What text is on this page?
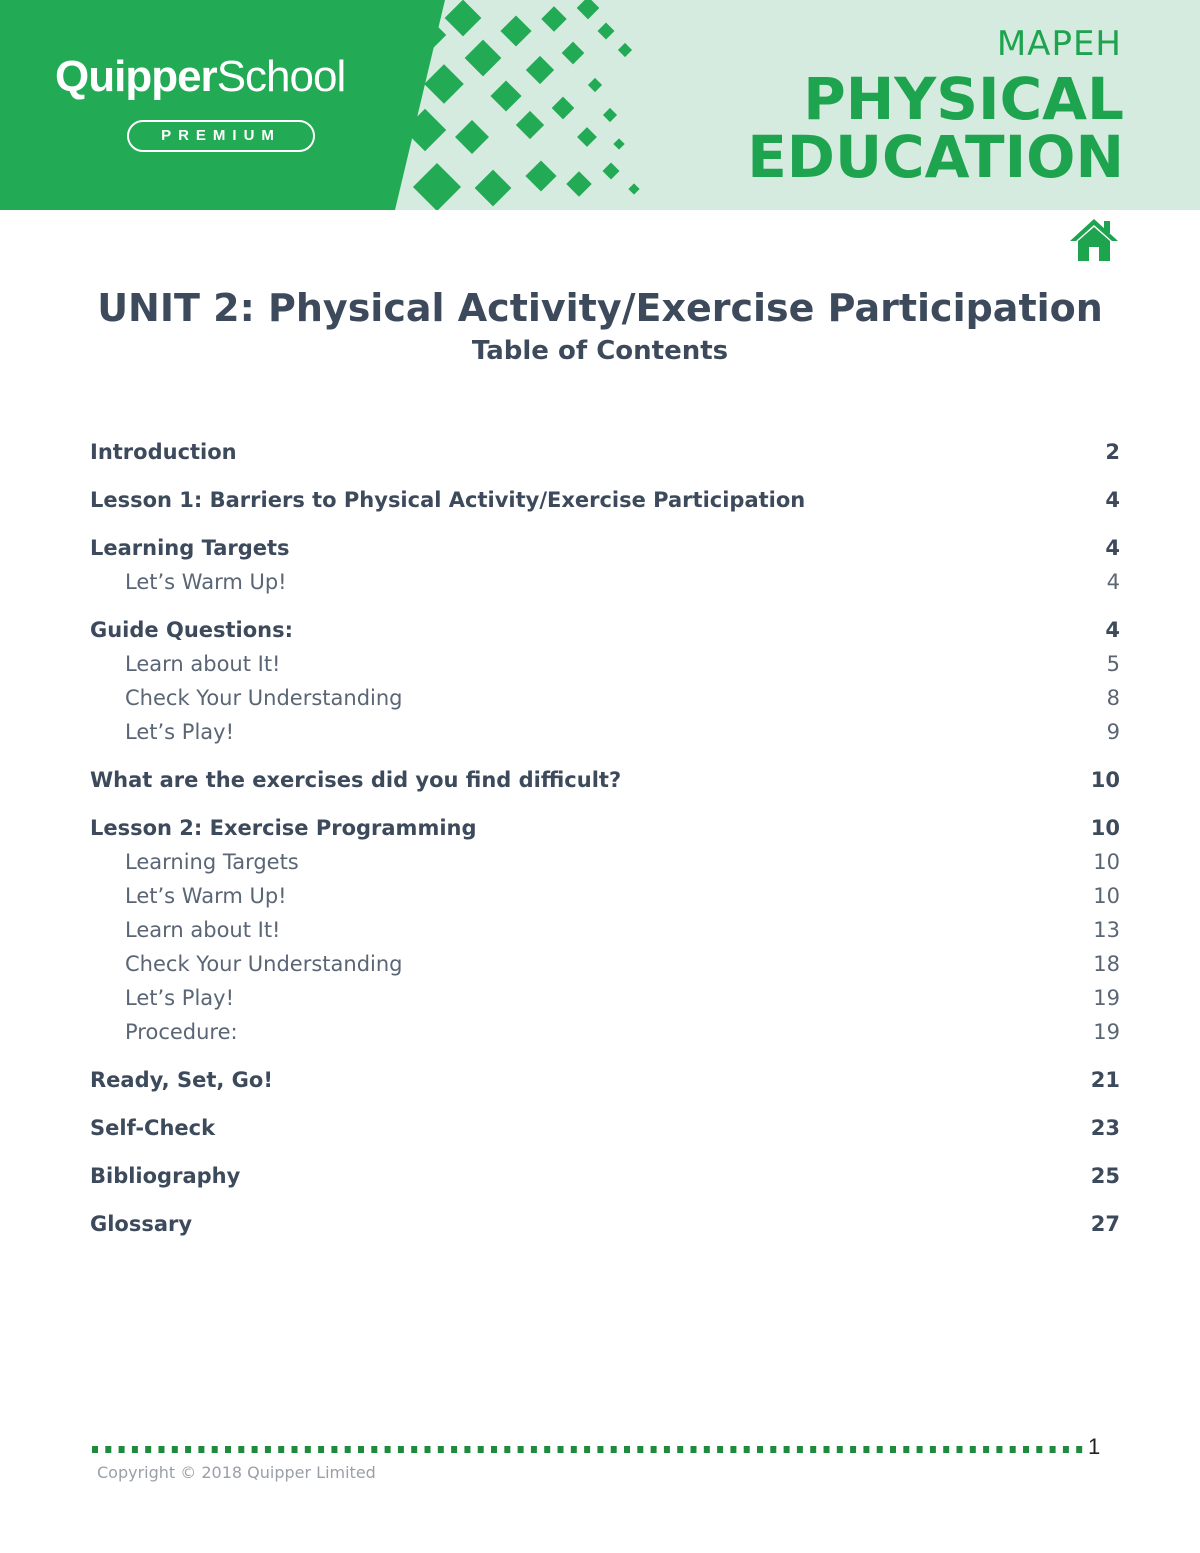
QuipperSchool
PREMIUM
MAPEH
PHYSICAL
EDUCATION
UNIT 2: Physical Activity/Exercise Participation
Table of Contents
Introduction	2
Lesson 1: Barriers to Physical Activity/Exercise Participation	4
Learning Targets	4
Let’s Warm Up!	4
Guide Questions:	4
Learn about It!	5
Check Your Understanding	8
Let’s Play!	9
What are the exercises did you find difficult?	10
Lesson 2: Exercise Programming	10
Learning Targets	10
Let’s Warm Up!	10
Learn about It!	13
Check Your Understanding	18
Let’s Play!	19
Procedure:	19
Ready, Set, Go!	21
Self-Check	23
Bibliography	25
Glossary	27
1
Copyright © 2018 Quipper Limited
